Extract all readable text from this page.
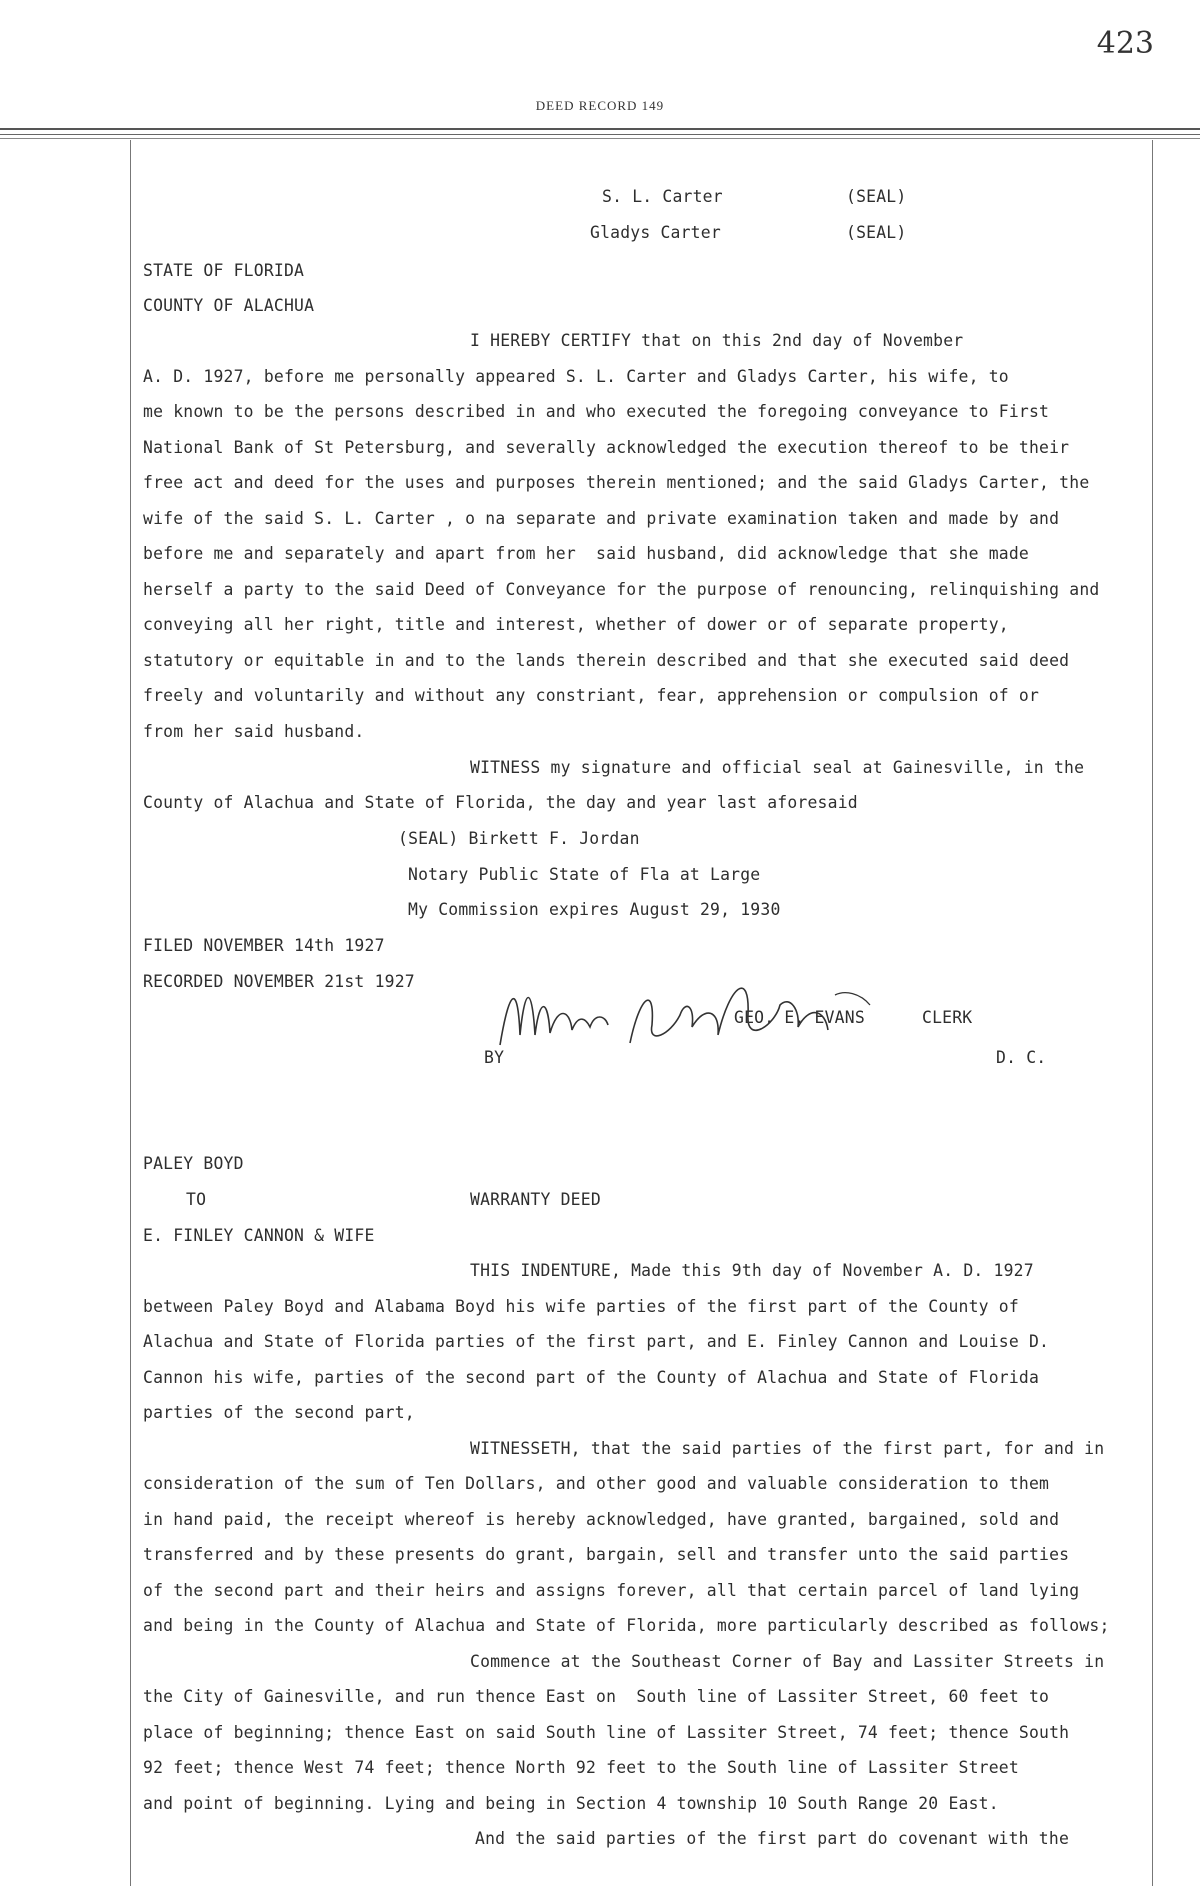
423
DEED RECORD 149
S. L. Carter	(SEAL)
Gladys Carter	(SEAL)
STATE OF FLORIDA
COUNTY OF ALACHUA
I HEREBY CERTIFY that on this 2nd day of November
A. D. 1927, before me personally appeared S. L. Carter and Gladys Carter, his wife, to
me known to be the persons described in and who executed the foregoing conveyance to First
National Bank of St Petersburg, and severally acknowledged the execution thereof to be their
free act and deed for the uses and purposes therein mentioned; and the said Gladys Carter, the
wife of the said S. L. Carter , o na separate and private examination taken and made by and
before me and separately and apart from her  said husband, did acknowledge that she made
herself a party to the said Deed of Conveyance for the purpose of renouncing, relinquishing and
conveying all her right, title and interest, whether of dower or of separate property,
statutory or equitable in and to the lands therein described and that she executed said deed
freely and voluntarily and without any constriant, fear, apprehension or compulsion of or
from her said husband.
WITNESS my signature and official seal at Gainesville, in the
County of Alachua and State of Florida, the day and year last aforesaid
(SEAL) Birkett F. Jordan
Notary Public State of Fla at Large
My Commission expires August 29, 1930
FILED NOVEMBER 14th 1927
RECORDED NOVEMBER 21st 1927
GEO. E. EVANS	CLERK
BY	D. C.
PALEY BOYD
TO	WARRANTY DEED
E. FINLEY CANNON & WIFE
THIS INDENTURE, Made this 9th day of November A. D. 1927
between Paley Boyd and Alabama Boyd his wife parties of the first part of the County of
Alachua and State of Florida parties of the first part, and E. Finley Cannon and Louise D.
Cannon his wife, parties of the second part of the County of Alachua and State of Florida
parties of the second part,
WITNESSETH, that the said parties of the first part, for and in
consideration of the sum of Ten Dollars, and other good and valuable consideration to them
in hand paid, the receipt whereof is hereby acknowledged, have granted, bargained, sold and
transferred and by these presents do grant, bargain, sell and transfer unto the said parties
of the second part and their heirs and assigns forever, all that certain parcel of land lying
and being in the County of Alachua and State of Florida, more particularly described as follows;
Commence at the Southeast Corner of Bay and Lassiter Streets in
the City of Gainesville, and run thence East on  South line of Lassiter Street, 60 feet to
place of beginning; thence East on said South line of Lassiter Street, 74 feet; thence South
92 feet; thence West 74 feet; thence North 92 feet to the South line of Lassiter Street
and point of beginning. Lying and being in Section 4 township 10 South Range 20 East.
And the said parties of the first part do covenant with the
